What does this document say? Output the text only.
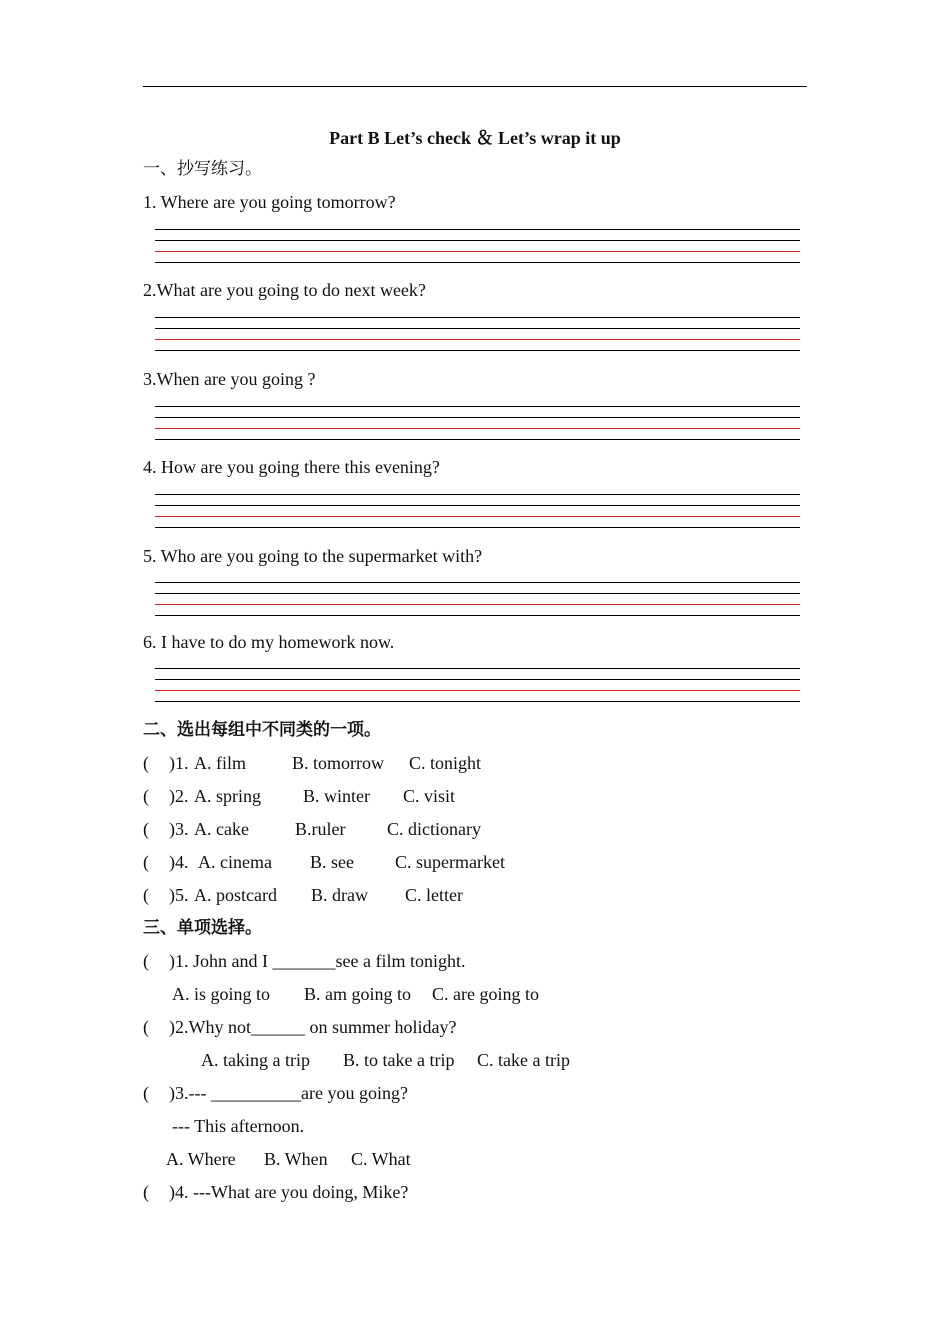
Part B Let’s check ＆ Let’s wrap it up
一、抄写练习。
1. Where are you going tomorrow?
2.What are you going to do next week?
3.When are you going ?
4. How are you going there this evening?
5. Who are you going to the supermarket with?
6. I have to do my homework now.
二、选出每组中不同类的一项。
( )1. A. film	B. tomorrow C. tonight
( )2. A. spring B. winter C. visit
( )3. A. cake	B.ruler C. dictionary
( )4. A. cinema B. see C. supermarket
( )5. A. postcard B. draw C. letter
三、单项选择。
( )1. John and I _______see a film tonight.
A. is going to B. am going to C. are going to
( )2.Why not______ on summer holiday?
A. taking a trip B. to take a trip C. take a trip
( )3.--- __________are you going?
--- This afternoon.
A. Where B. When C. What
( )4. ---What are you doing, Mike?
